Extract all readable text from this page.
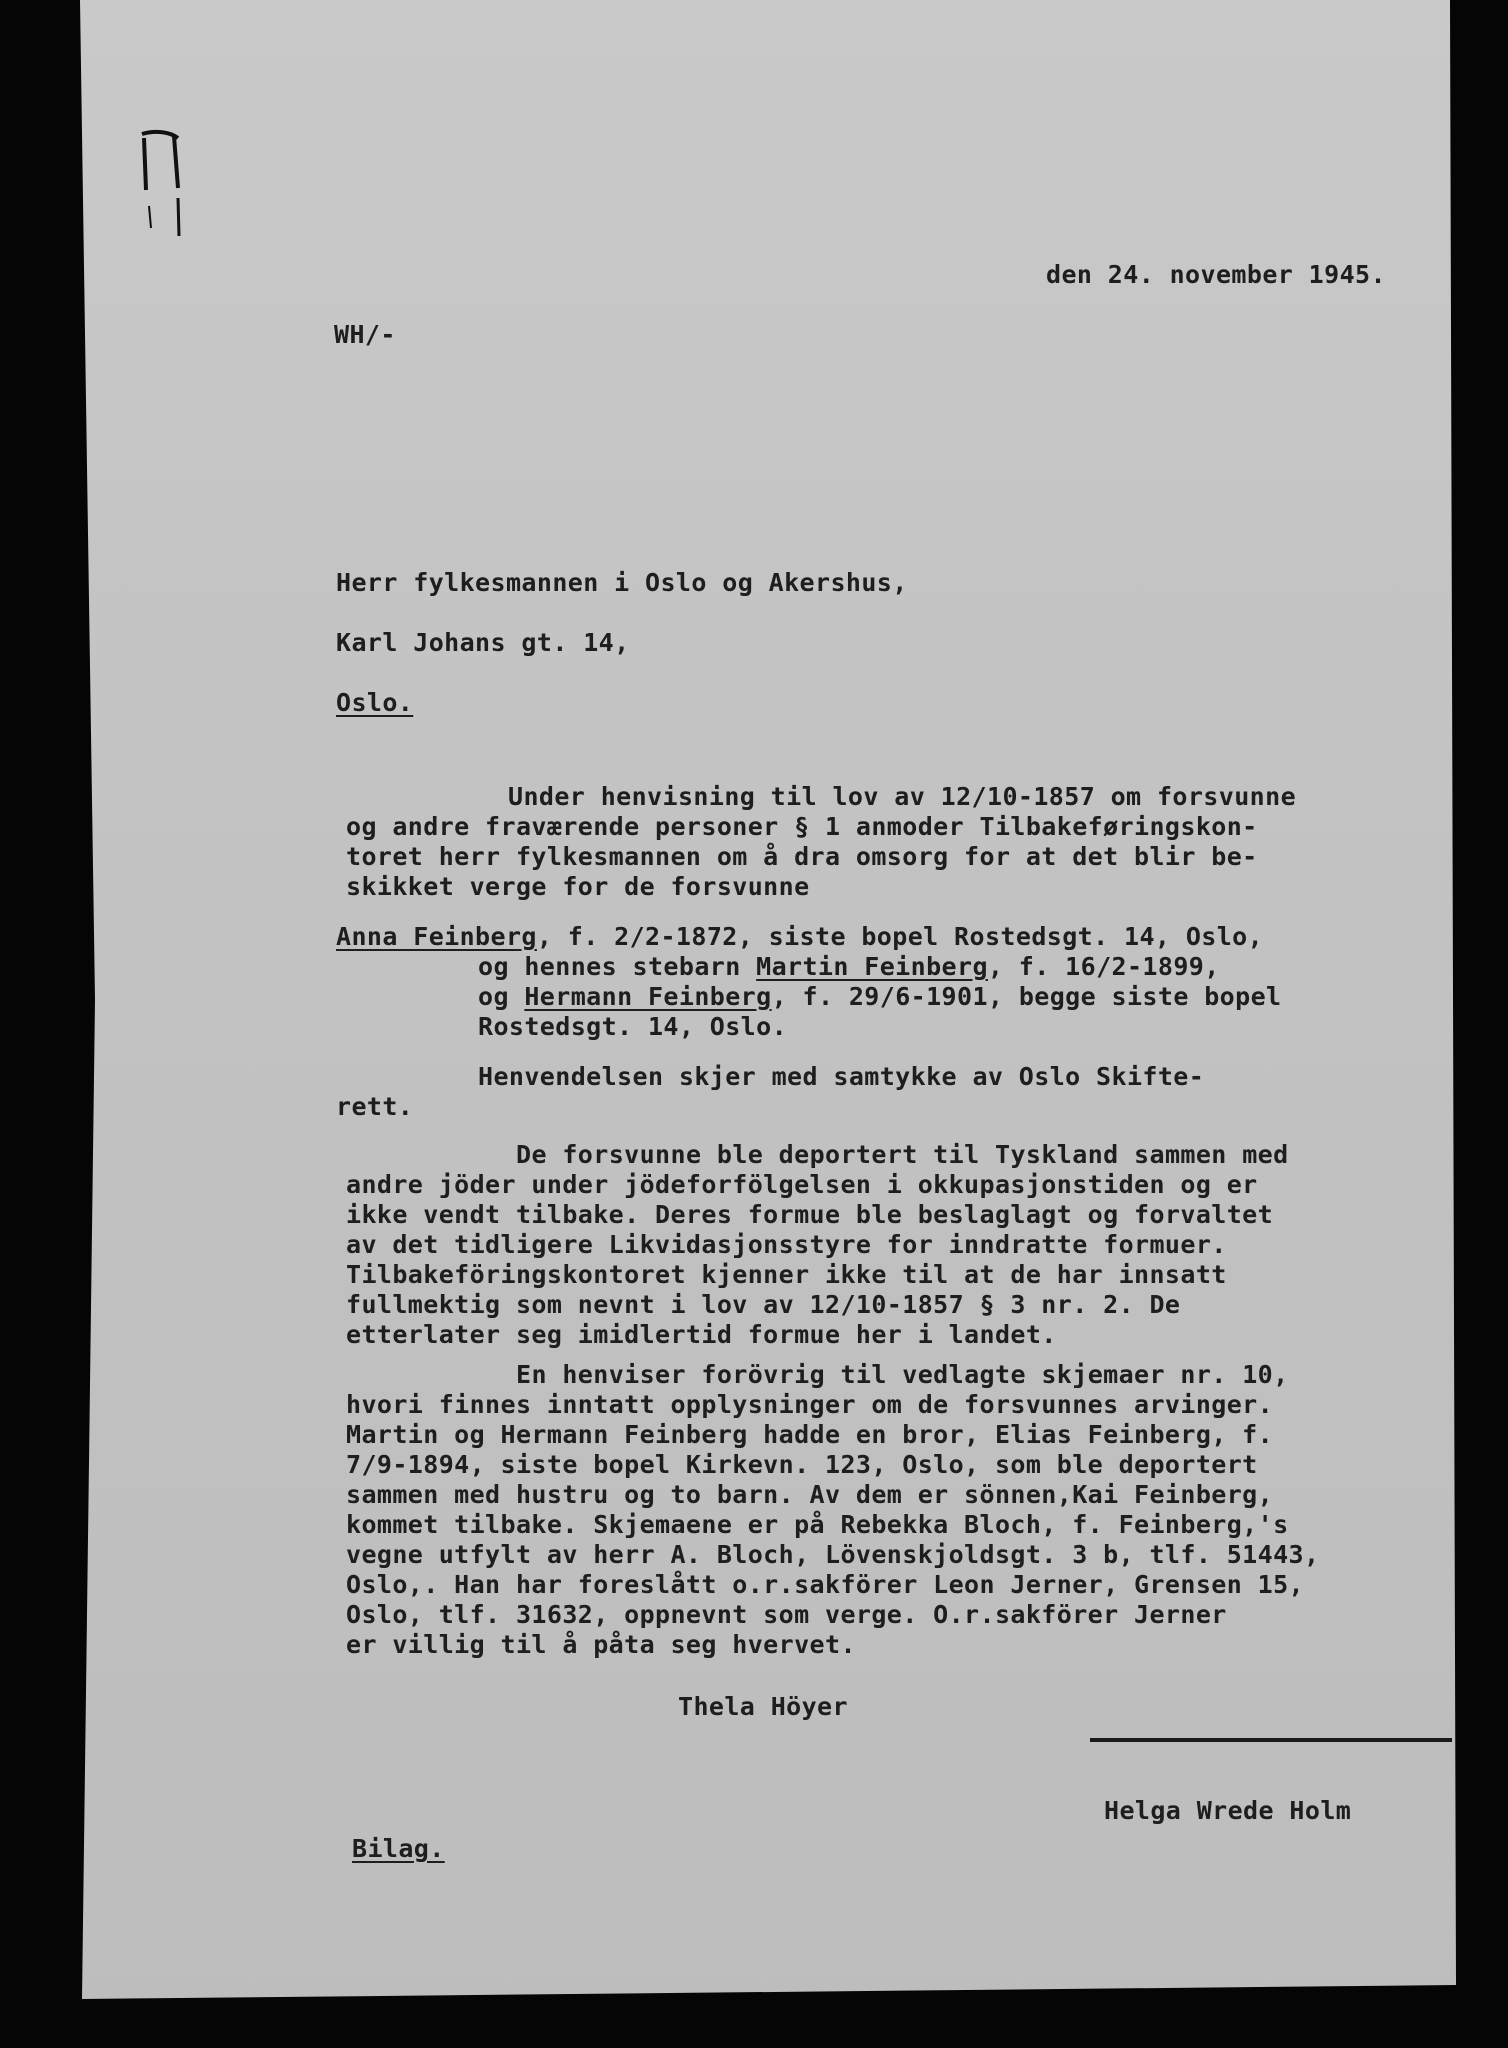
den 24. november 1945.
WH/-
Herr fylkesmannen i Oslo og Akershus,
Karl Johans gt. 14,
Oslo.
Under henvisning til lov av 12/10-1857 om forsvunne
og andre fraværende personer § 1 anmoder Tilbakeføringskon-
toret herr fylkesmannen om å dra omsorg for at det blir be-
skikket verge for de forsvunne
Anna Feinberg, f. 2/2-1872, siste bopel Rostedsgt. 14, Oslo,
og hennes stebarn Martin Feinberg, f. 16/2-1899,
og Hermann Feinberg, f. 29/6-1901, begge siste bopel
Rostedsgt. 14, Oslo.
Henvendelsen skjer med samtykke av Oslo Skifte-
rett.
De forsvunne ble deportert til Tyskland sammen med
andre jöder under jödeforfölgelsen i okkupasjonstiden og er
ikke vendt tilbake. Deres formue ble beslaglagt og forvaltet
av det tidligere Likvidasjonsstyre for inndratte formuer.
Tilbakeföringskontoret kjenner ikke til at de har innsatt
fullmektig som nevnt i lov av 12/10-1857 § 3 nr. 2. De
etterlater seg imidlertid formue her i landet.
En henviser forövrig til vedlagte skjemaer nr. 10,
hvori finnes inntatt opplysninger om de forsvunnes arvinger.
Martin og Hermann Feinberg hadde en bror, Elias Feinberg, f.
7/9-1894, siste bopel Kirkevn. 123, Oslo, som ble deportert
sammen med hustru og to barn. Av dem er sönnen,Kai Feinberg,
kommet tilbake. Skjemaene er på Rebekka Bloch, f. Feinberg,'s
vegne utfylt av herr A. Bloch, Lövenskjoldsgt. 3 b, tlf. 51443,
Oslo,. Han har foreslått o.r.sakförer Leon Jerner, Grensen 15,
Oslo, tlf. 31632, oppnevnt som verge. O.r.sakförer Jerner
er villig til å påta seg hvervet.
Thela Höyer
Helga Wrede Holm
Bilag.
